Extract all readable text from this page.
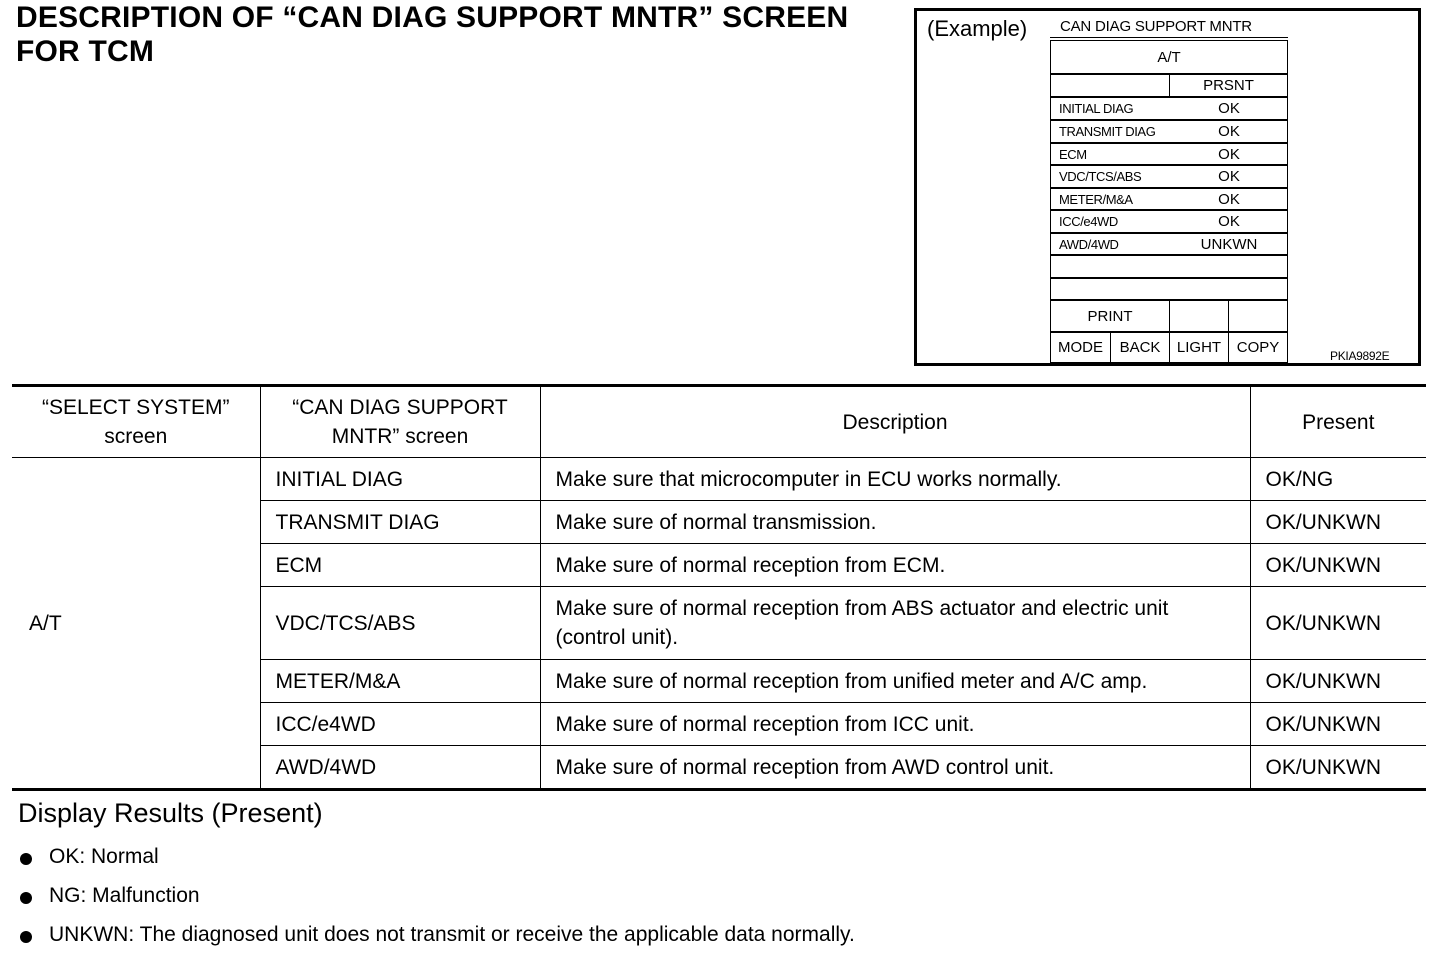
DESCRIPTION OF “CAN DIAG SUPPORT MNTR” SCREEN
FOR TCM
(Example) CAN DIAG SUPPORT MNTR
A/T
PRSNT
INITIAL DIAG	OK
TRANSMIT DIAG	OK
ECM	OK
VDC/TCS/ABS	OK
METER/M&A	OK
ICC/e4WD	OK
AWD/4WD	UNKWN
PRINT
MODE BACK LIGHT COPY	PKIA9892E
“SELECT SYSTEM” screen	“CAN DIAG SUPPORT MNTR” screen	Description	Present
A/T	INITIAL DIAG	Make sure that microcomputer in ECU works normally.	OK/NG
	TRANSMIT DIAG	Make sure of normal transmission.	OK/UNKWN
	ECM	Make sure of normal reception from ECM.	OK/UNKWN
	VDC/TCS/ABS	Make sure of normal reception from ABS actuator and electric unit (control unit).	OK/UNKWN
	METER/M&A	Make sure of normal reception from unified meter and A/C amp.	OK/UNKWN
	ICC/e4WD	Make sure of normal reception from ICC unit.	OK/UNKWN
	AWD/4WD	Make sure of normal reception from AWD control unit.	OK/UNKWN
Display Results (Present)
OK: Normal
NG: Malfunction
UNKWN: The diagnosed unit does not transmit or receive the applicable data normally.
